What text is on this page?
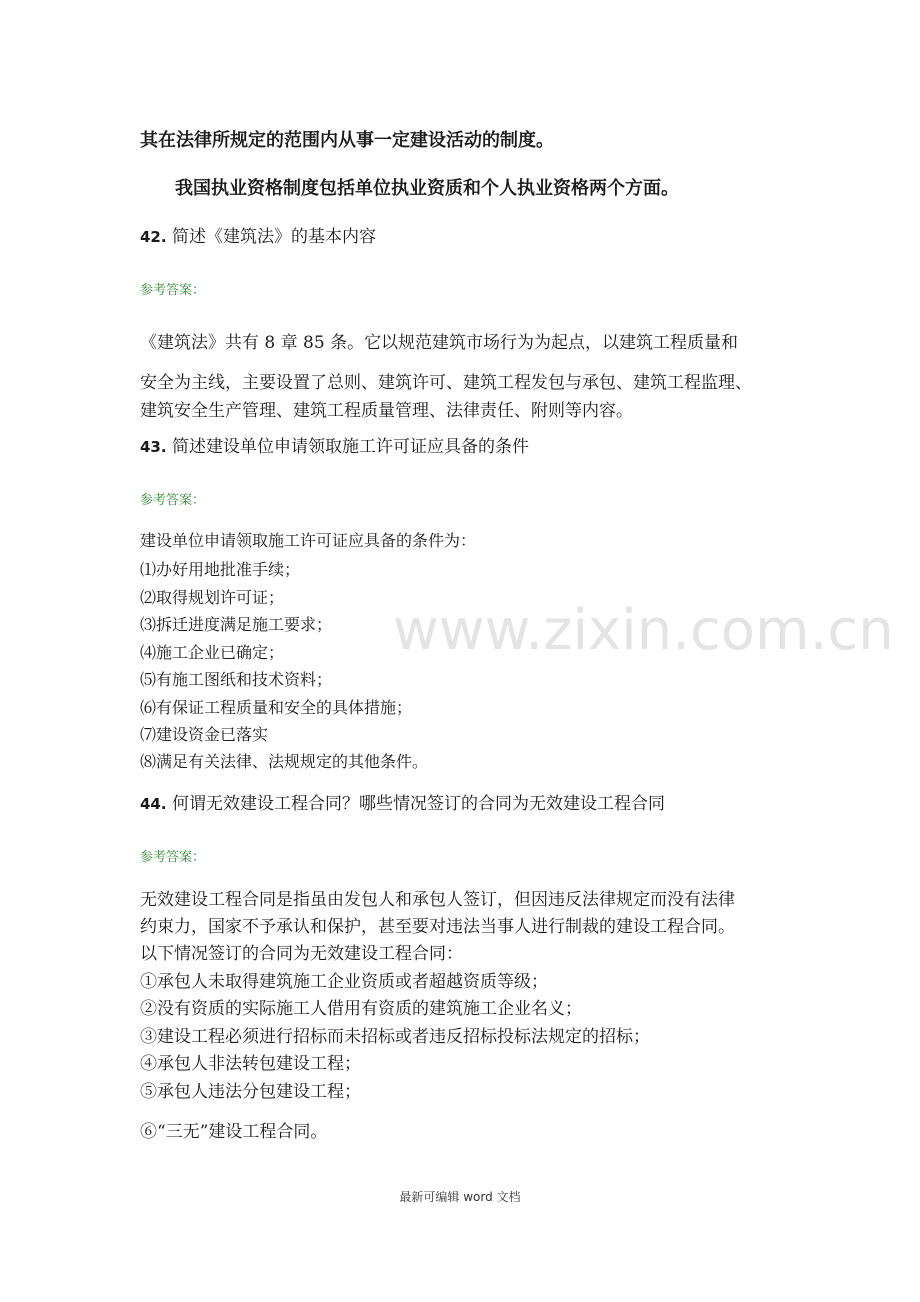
www.zixin.com.cn
其在法律所规定的范围内从事一定建设活动的制度。
我国执业资格制度包括单位执业资质和个人执业资格两个方面。
42. 简述《建筑法》的基本内容
参考答案：
《建筑法》共有 8 章 85 条。它以规范建筑市场行为为起点，以建筑工程质量和
安全为主线，主要设置了总则、建筑许可、建筑工程发包与承包、建筑工程监理、
建筑安全生产管理、建筑工程质量管理、法律责任、附则等内容。
43. 简述建设单位申请领取施工许可证应具备的条件
参考答案：
建设单位申请领取施工许可证应具备的条件为：
⑴办好用地批准手续；
⑵取得规划许可证；
⑶拆迁进度满足施工要求；
⑷施工企业已确定；
⑸有施工图纸和技术资料；
⑹有保证工程质量和安全的具体措施；
⑺建设资金已落实
⑻满足有关法律、法规规定的其他条件。
44. 何谓无效建设工程合同？哪些情况签订的合同为无效建设工程合同
参考答案：
无效建设工程合同是指虽由发包人和承包人签订，但因违反法律规定而没有法律
约束力，国家不予承认和保护，甚至要对违法当事人进行制裁的建设工程合同。
以下情况签订的合同为无效建设工程合同：
①承包人未取得建筑施工企业资质或者超越资质等级；
②没有资质的实际施工人借用有资质的建筑施工企业名义；
③建设工程必须进行招标而未招标或者违反招标投标法规定的招标；
④承包人非法转包建设工程；
⑤承包人违法分包建设工程；
⑥“三无”建设工程合同。
最新可编辑 word 文档
